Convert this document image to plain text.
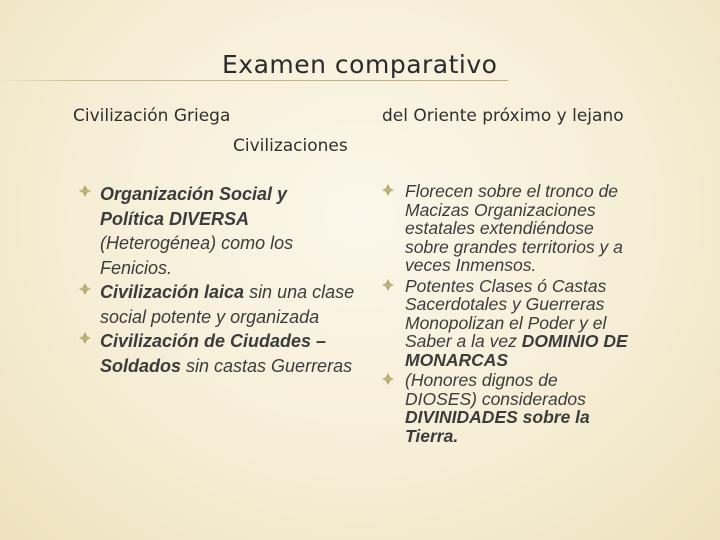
Examen comparativo
Civilización Griega	del Oriente próximo y lejano
Civilizaciones
Organización Social y Política DIVERSA (Heterogénea) como los Fenicios.
Civilización laica sin una clase social potente y organizada
Civilización de Ciudades – Soldados sin castas Guerreras
Florecen sobre el tronco de Macizas Organizaciones estatales extendiéndose sobre grandes territorios y a veces Inmensos.
Potentes Clases ó Castas Sacerdotales y Guerreras Monopolizan el Poder y el Saber a la vez DOMINIO DE MONARCAS
(Honores dignos de DIOSES) considerados DIVINIDADES sobre la Tierra.
